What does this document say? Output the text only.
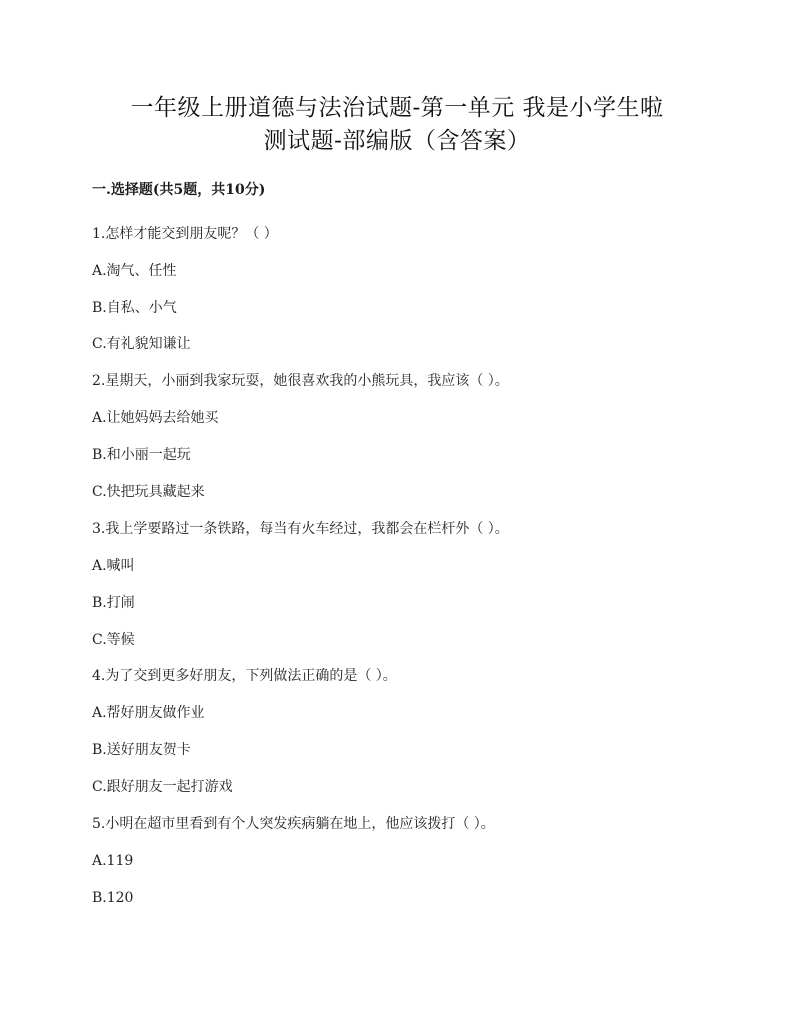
一年级上册道德与法治试题-第一单元 我是小学生啦
测试题-部编版（含答案）
一.选择题(共5题，共10分)
1.怎样才能交到朋友呢？（ ）
A.淘气、任性
B.自私、小气
C.有礼貌知谦让
2.星期天，小丽到我家玩耍，她很喜欢我的小熊玩具，我应该（ ）。
A.让她妈妈去给她买
B.和小丽一起玩
C.快把玩具藏起来
3.我上学要路过一条铁路，每当有火车经过，我都会在栏杆外（ ）。
A.喊叫
B.打闹
C.等候
4.为了交到更多好朋友，下列做法正确的是（ ）。
A.帮好朋友做作业
B.送好朋友贺卡
C.跟好朋友一起打游戏
5.小明在超市里看到有个人突发疾病躺在地上，他应该拨打（ ）。
A.119
B.120
